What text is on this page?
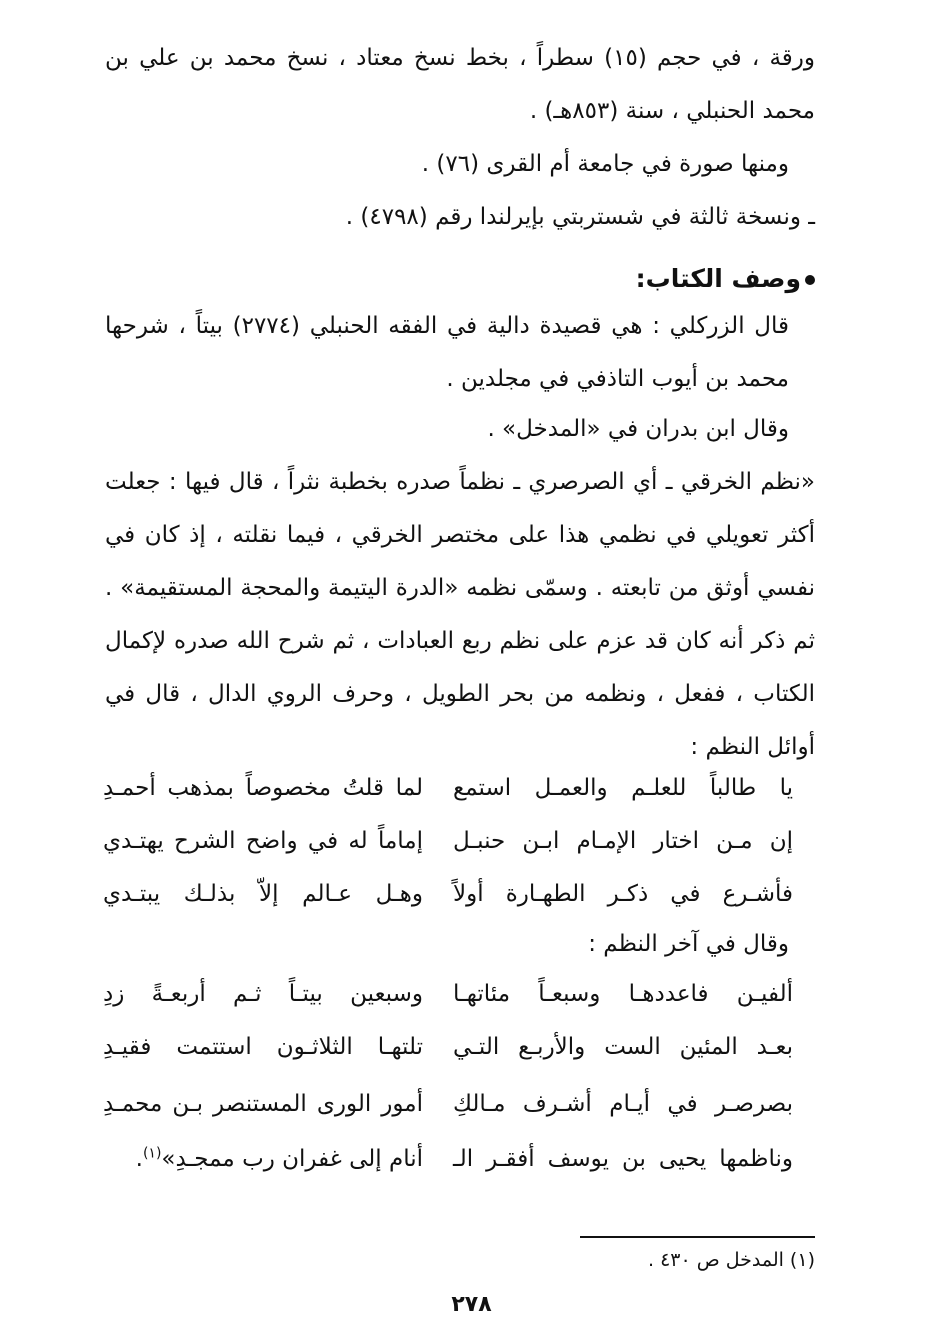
ورقة ، في حجم (١٥) سطراً ، بخط نسخ معتاد ، نسخ محمد بن علي بن محمد الحنبلي ، سنة (٨٥٣هـ) .
ومنها صورة في جامعة أم القرى (٧٦) .
ـ ونسخة ثالثة في شستربتي بإيرلندا رقم (٤٧٩٨) .
وصف الكتاب:
قال الزركلي : هي قصيدة دالية في الفقه الحنبلي (٢٧٧٤) بيتاً ، شرحها محمد بن أيوب التاذفي في مجلدين .
وقال ابن بدران في «المدخل» .
«نظم الخرقي ـ أي الصرصري ـ نظماً صدره بخطبة نثراً ، قال فيها : جعلت أكثر تعويلي في نظمي هذا على مختصر الخرقي ، فيما نقلته ، إذ كان في نفسي أوثق من تابعته . وسمّى نظمه «الدرة اليتيمة والمحجة المستقيمة» . ثم ذكر أنه كان قد عزم على نظم ربع العبادات ، ثم شرح الله صدره لإكمال الكتاب ، ففعل ، ونظمه من بحر الطويل ، وحرف الروي الدال ، قال في أوائل النظم :
يا طالباً للعلـم والعمـل استمع
لما قلتُ مخصوصاً بمذهب أحمـدِ
إن مـن اختار الإمـام ابـن حنبـل
إماماً له في واضح الشرح يهتـدي
فأشـرع في ذكـر الطهـارة أولاً
وهـل عـالم إلاّ بذلـك يبتـدي
وقال في آخر النظم :
ألفيـن فاعددهـا وسبعـاً مئاتهـا
وسبعين بيتـاً ثـم أربعـةً زدِ
بعـد المئين الست والأربـع التـي
تلتهـا الثلاثـون استتمت فقيـدِ
بصرصـر في أيـام أشـرف مـالكِ
أمور الورى المستنصر بـن محمـدِ
وناظمها يحيى بن يوسف أفقـر الـ
أنام إلى غفران رب ممجـدِ»$^{(١)}$.
(١) المدخل ص ٤٣٠ .
٢٧٨
